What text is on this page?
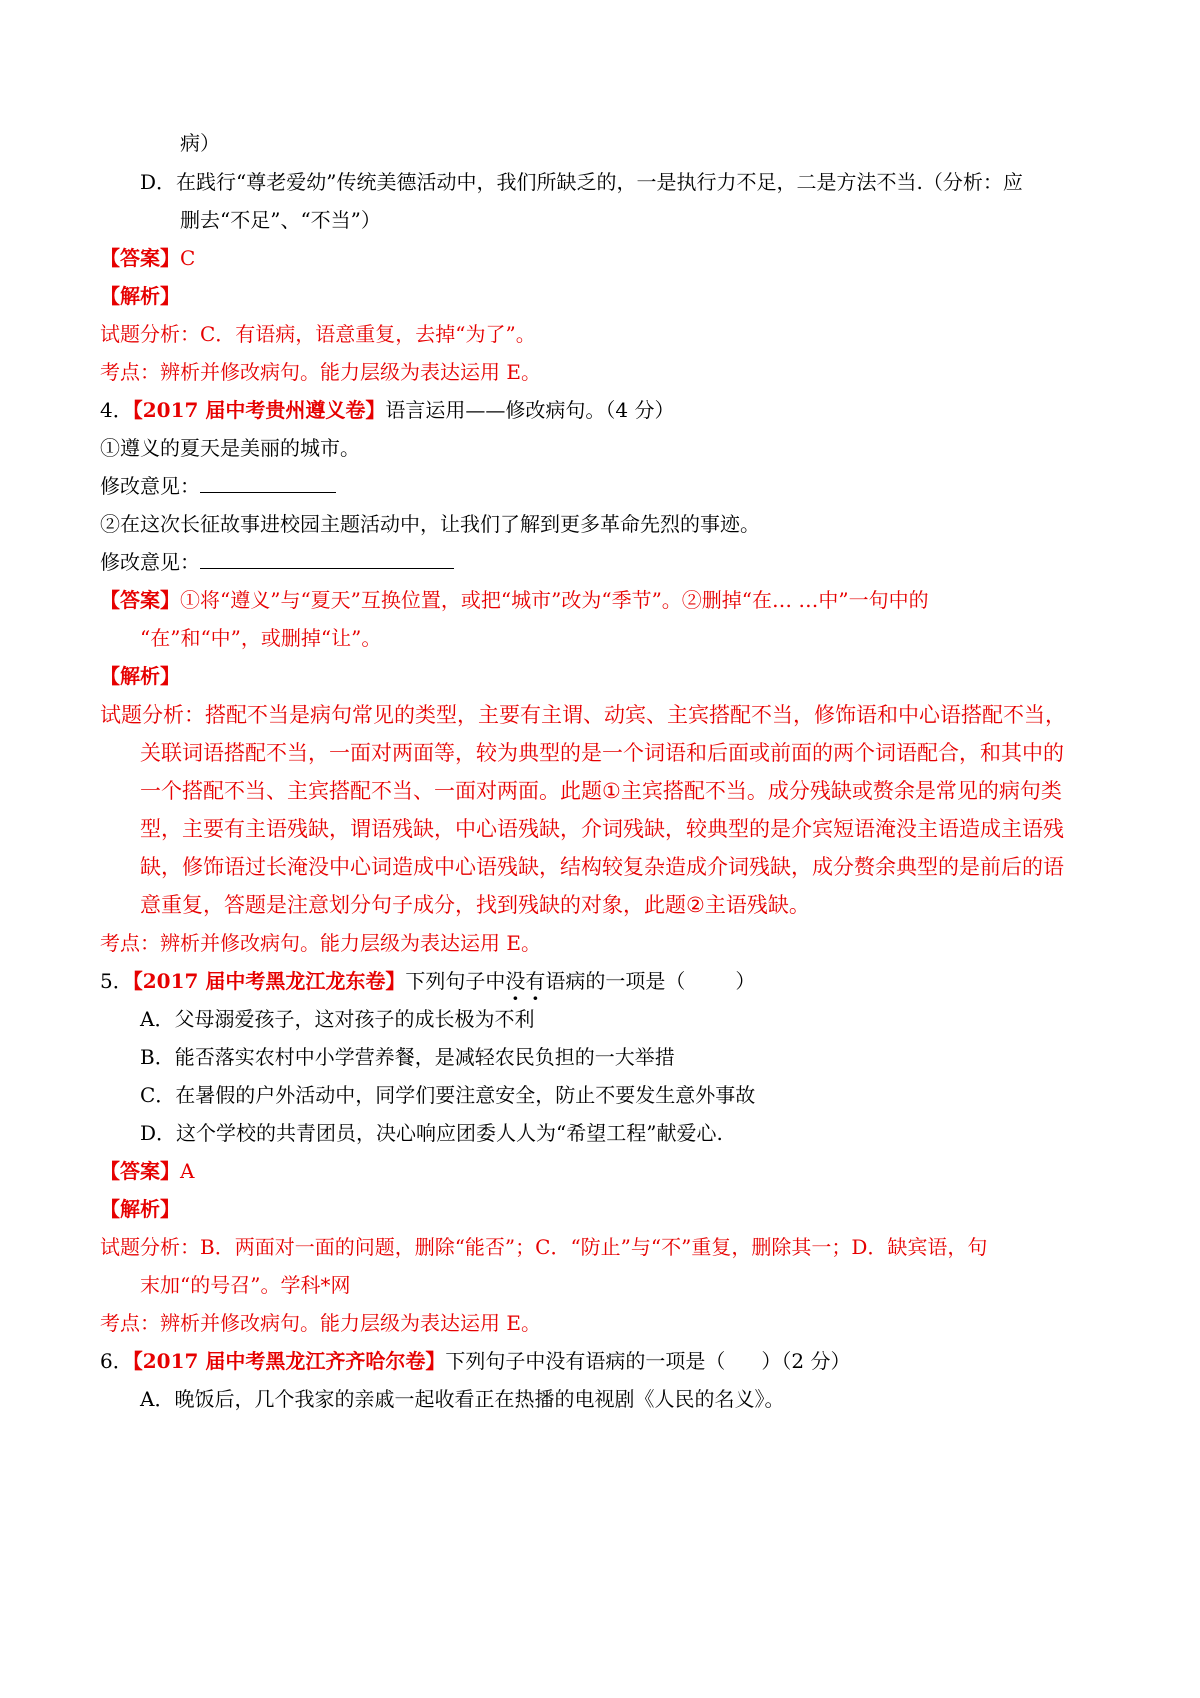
病）
D．在践行“尊老爱幼”传统美德活动中，我们所缺乏的，一是执行力不足，二是方法不当.（分析：应
删去“不足”、“不当”）
【答案】C
【解析】
试题分析：C．有语病，语意重复，去掉“为了”。
考点：辨析并修改病句。能力层级为表达运用 E。
4．【2017 届中考贵州遵义卷】语言运用——修改病句。（4 分）
①遵义的夏天是美丽的城市。
修改意见：
②在这次长征故事进校园主题活动中，让我们了解到更多革命先烈的事迹。
修改意见：
【答案】①将“遵义”与“夏天”互换位置，或把“城市”改为“季节”。②删掉“在… …中”一句中的
“在”和“中”，或删掉“让”。
【解析】
试题分析：搭配不当是病句常见的类型，主要有主谓、动宾、主宾搭配不当，修饰语和中心语搭配不当，
关联词语搭配不当，一面对两面等，较为典型的是一个词语和后面或前面的两个词语配合，和其中的
一个搭配不当、主宾搭配不当、一面对两面。此题①主宾搭配不当。成分残缺或赘余是常见的病句类
型，主要有主语残缺，谓语残缺，中心语残缺，介词残缺，较典型的是介宾短语淹没主语造成主语残
缺，修饰语过长淹没中心词造成中心语残缺，结构较复杂造成介词残缺，成分赘余典型的是前后的语
意重复，答题是注意划分句子成分，找到残缺的对象，此题②主语残缺。
考点：辨析并修改病句。能力层级为表达运用 E。
5．【2017 届中考黑龙江龙东卷】下列句子中没有语病的一项是（	）
A．父母溺爱孩子，这对孩子的成长极为不利
B．能否落实农村中小学营养餐，是减轻农民负担的一大举措
C．在暑假的户外活动中，同学们要注意安全，防止不要发生意外事故
D．这个学校的共青团员，决心响应团委人人为“希望工程”献爱心.
【答案】A
【解析】
试题分析：B．两面对一面的问题，删除“能否”；C．“防止”与“不”重复，删除其一；D．缺宾语，句
末加“的号召”。学科*网
考点：辨析并修改病句。能力层级为表达运用 E。
6．【2017 届中考黑龙江齐齐哈尔卷】下列句子中没有语病的一项是（ ）（2 分）
A．晚饭后，几个我家的亲戚一起收看正在热播的电视剧《人民的名义》。
